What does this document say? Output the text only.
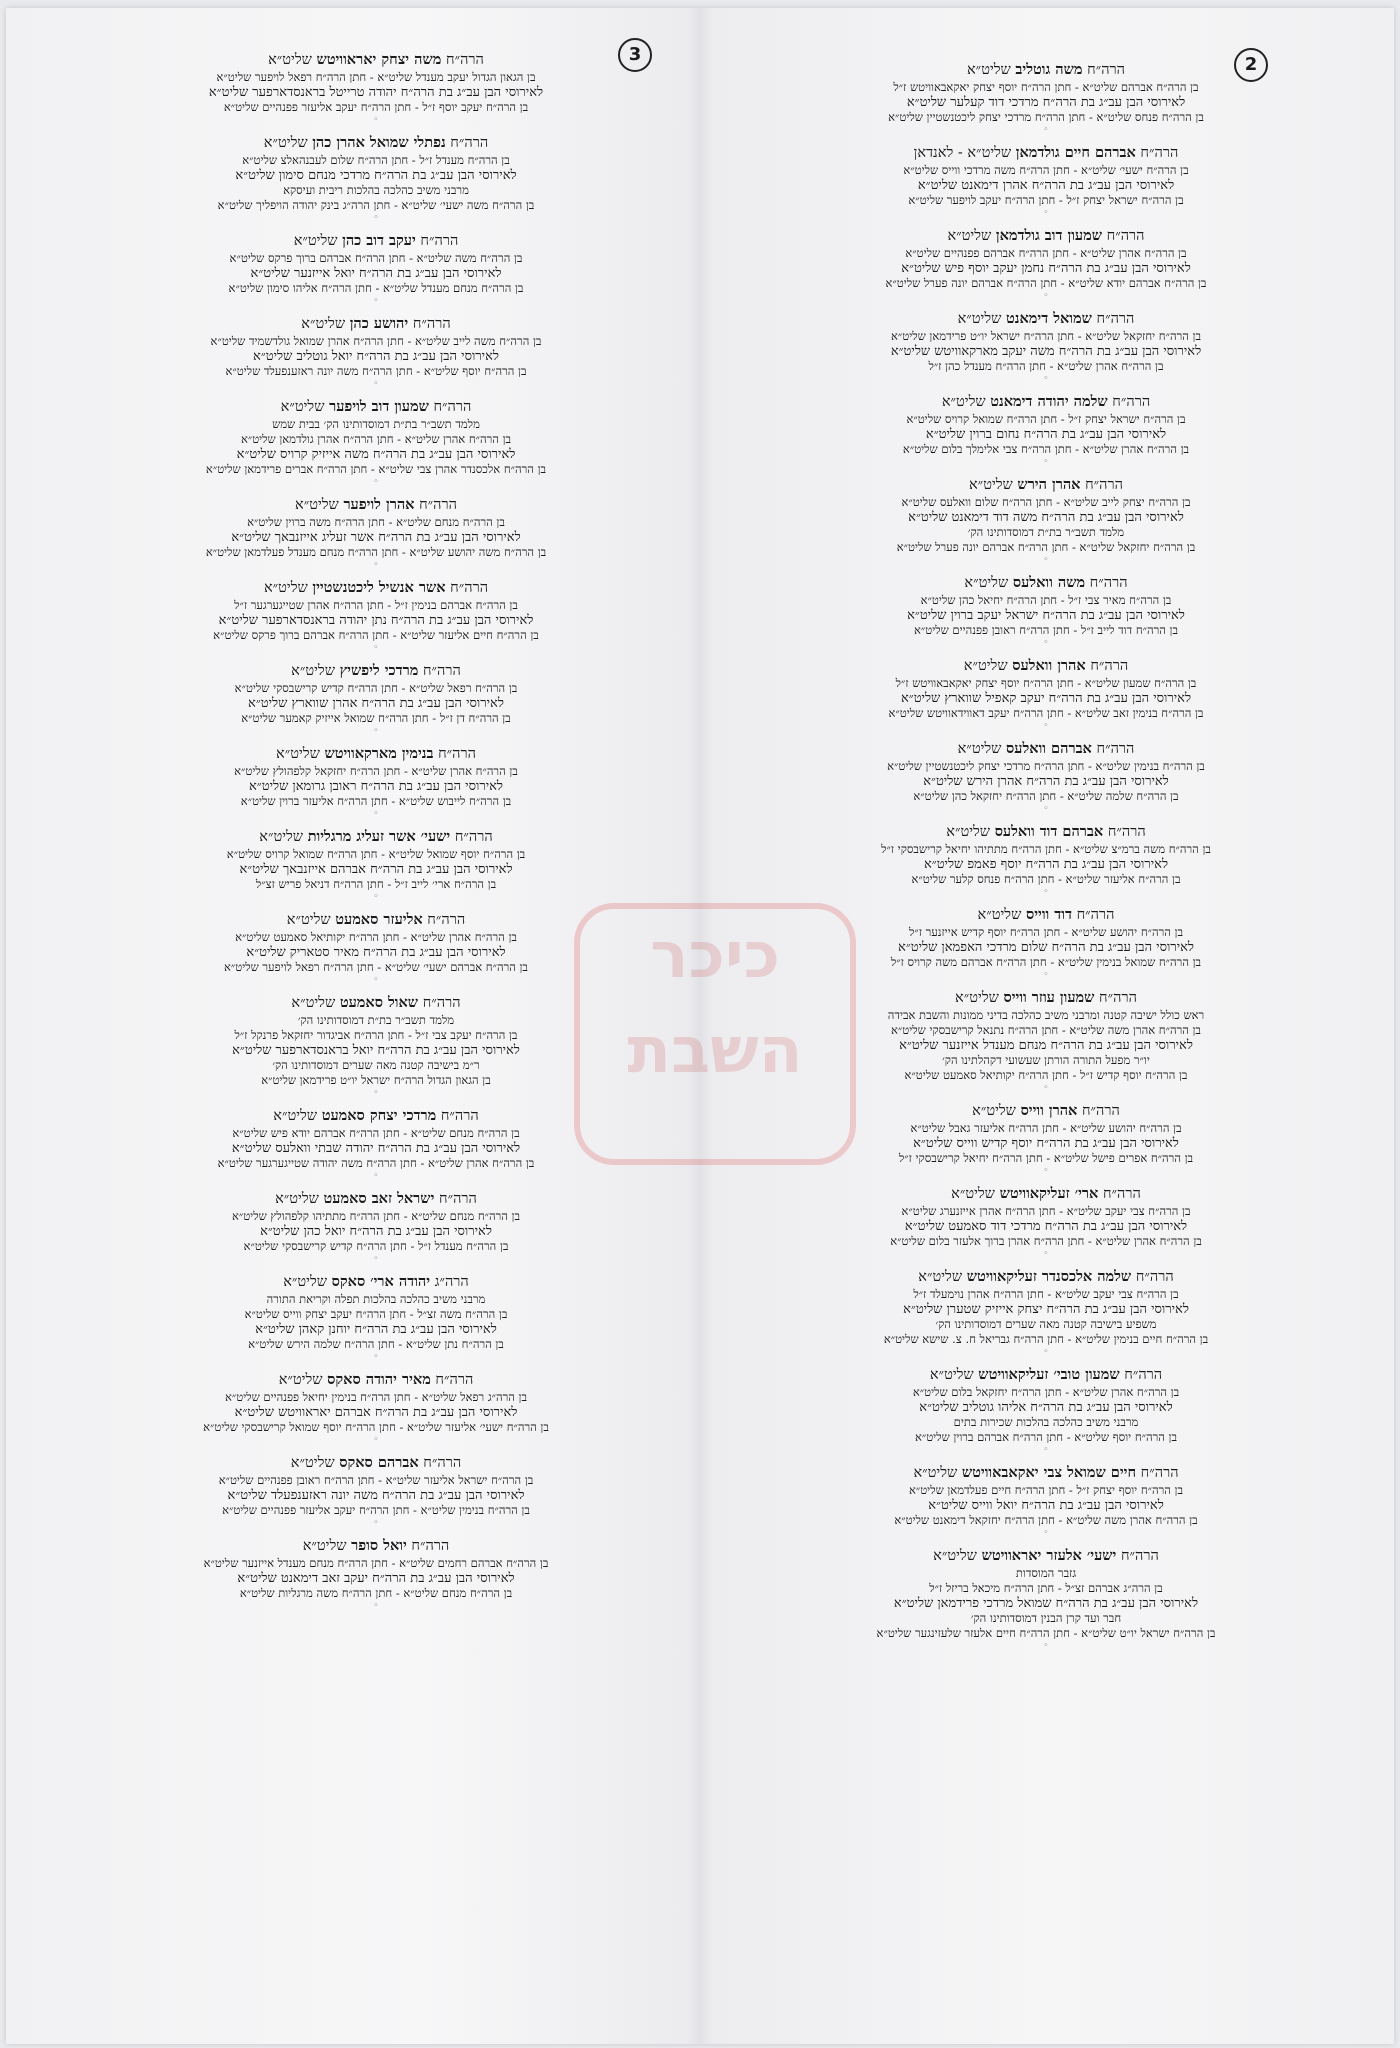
3	2
הרה״ח משה יצחק יאראוויטש שליט״א
בן הגאון הגדול יעקב מענדל שליט״א - חתן הרה״ח רפאל לויפער שליט״א
לאירוסי הבן עב״ג בת הרה״ח יהודה טרייטל בראנסדארפער שליט״א
בן הרה״ח יעקב יוסף ז״ל - חתן הרה״ח יעקב אליעזר פפנהיים שליט״א
◦
הרה״ח נפתלי שמואל אהרן כהן שליט״א
בן הרה״ח מענדל ז״ל - חתן הרה״ח שלום לעבנהאלצ שליט״א
לאירוסי הבן עב״ג בת הרה״ח מרדכי מנחם סימון שליט״א
מרבני משיב כהלכה בהלכות ריבית ועיסקא
בן הרה״ח משה ישעי׳ שליט״א - חתן הרה״ג בינק יהודה הויפליך שליט״א
◦
הרה״ח יעקב דוב כהן שליט״א
בן הרה״ח משה שליט״א - חתן הרה״ח אברהם ברוך פרקס שליט״א
לאירוסי הבן עב״ג בת הרה״ח יואל אייזנער שליט״א
בן הרה״ח מנחם מענדל שליט״א - חתן הרה״ח אליהו סימון שליט״א
◦
הרה״ח יהושע כהן שליט״א
בן הרה״ח משה לייב שליט״א - חתן הרה״ח אהרן שמואל גולדשמיד שליט״א
לאירוסי הבן עב״ג בת הרה״ח יואל גוטליב שליט״א
בן הרה״ח יוסף שליט״א - חתן הרה״ח משה יונה ראזענפעלד שליט״א
◦
הרה״ח שמעון דוב לויפער שליט״א
מלמד תשב״ר בת״ת דמוסדותינו הק׳ בבית שמש
בן הרה״ח אהרן שליט״א - חתן הרה״ח אהרן גולדמאן שליט״א
לאירוסי הבן עב״ג בת הרה״ח משה אייזיק קרויס שליט״א
בן הרה״ח אלכסנדר אהרן צבי שליט״א - חתן הרה״ח אברים פרידמאן שליט״א
◦
הרה״ח אהרן לויפער שליט״א
בן הרה״ח מנחם שליט״א - חתן הרה״ח משה ברוין שליט״א
לאירוסי הבן עב״ג בת הרה״ח אשר זעליג אייזנבאך שליט״א
בן הרה״ח משה יהושע שליט״א - חתן הרה״ח מנחם מענדל פעלדמאן שליט״א
◦
הרה״ח אשר אנשיל ליכטנשטיין שליט״א
בן הרה״ח אברהם בנימין ז״ל - חתן הרה״ח אהרן שטייגערגער ז״ל
לאירוסי הבן עב״ג בת הרה״ח נתן יהודה בראנסדארפער שליט״א
בן הרה״ח חיים אליעזר שליט״א - חתן הרה״ח אברהם ברוך פרקס שליט״א
◦
הרה״ח מרדכי ליפשיץ שליט״א
בן הרה״ח רפאל שליט״א - חתן הרה״ח קדיש קרישבסקי שליט״א
לאירוסי הבן עב״ג בת הרה״ח אהרן שווארץ שליט״א
בן הרה״ח דן ז״ל - חתן הרה״ח שמואל אייזיק קאמער שליט״א
◦
הרה״ח בנימין מארקאוויטש שליט״א
בן הרה״ח אהרן שליט״א - חתן הרה״ח יחזקאל קלפהולץ שליט״א
לאירוסי הבן עב״ג בת הרה״ח ראובן גרומאן שליט״א
בן הרה״ח לייבוש שליט״א - חתן הרה״ח אליעזר ברוין שליט״א
◦
הרה״ח ישעי׳ אשר זעליג מרגליות שליט״א
בן הרה״ח יוסף שמואל שליט״א - חתן הרה״ח שמואל קרויס שליט״א
לאירוסי הבן עב״ג בת הרה״ח אברהם אייזנבאך שליט״א
בן הרה״ח ארי׳ לייב ז״ל - חתן הרה״ח דניאל פריש זצ״ל
◦
הרה״ח אליעזר סאמעט שליט״א
בן הרה״ח אהרן שליט״א - חתן הרה״ח יקותיאל סאמעט שליט״א
לאירוסי הבן עב״ג בת הרה״ח מאיר סטאריק שליט״א
בן הרה״ח אברהם ישעי׳ שליט״א - חתן הרה״ח רפאל לויפער שליט״א
◦
הרה״ח שאול סאמעט שליט״א
מלמד תשב״ר בת״ת דמוסדותינו הק׳
בן הרה״ח יעקב צבי ז״ל - חתן הרה״ח אביגדור יחזקאל פרנקל ז״ל
לאירוסי הבן עב״ג בת הרה״ח יואל בראנסדארפער שליט״א
ר״מ בישיבה קטנה מאה שערים דמוסדותינו הק׳
בן הגאון הגדול הרה״ח ישראל יו״ט פרידמאן שליט״א
◦
הרה״ח מרדכי יצחק סאמעט שליט״א
בן הרה״ח מנחם שליט״א - חתן הרה״ח אברהם יודא פיש שליט״א
לאירוסי הבן עב״ג בת הרה״ח יהודה שבתי וואלעס שליט״א
בן הרה״ח אהרן שליט״א - חתן הרה״ח משה יהודה שטייגערגער שליט״א
◦
הרה״ח ישראל זאב סאמעט שליט״א
בן הרה״ח מנחם שליט״א - חתן הרה״ח מתתיהו קלפהולץ שליט״א
לאירוסי הבן עב״ג בת הרה״ח יואל כהן שליט״א
בן הרה״ח מענדל ז״ל - חתן הרה״ח קדיש קרישבסקי שליט״א
◦
הרה״ג יהודה ארי׳ סאקס שליט״א
מרבני משיב כהלכה בהלכות תפלה וקריאת התורה
בן הרה״ח משה זצ״ל - חתן הרה״ח יעקב יצחק ווייס שליט״א
לאירוסי הבן עב״ג בת הרה״ח יוחנן קאהן שליט״א
בן הרה״ח נתן שליט״א - חתן הרה״ח שלמה הירש שליט״א
◦
הרה״ח מאיר יהודה סאקס שליט״א
בן הרה״ג רפאל שליט״א - חתן הרה״ח בנימין יחיאל פפנהיים שליט״א
לאירוסי הבן עב״ג בת הרה״ח אברהם יאראוויטש שליט״א
בן הרה״ח ישעי׳ אליעזר שליט״א - חתן הרה״ח יוסף שמואל קרישבסקי שליט״א
◦
הרה״ח אברהם סאקס שליט״א
בן הרה״ח ישראל אליעזר שליט״א - חתן הרה״ח ראובן פפנהיים שליט״א
לאירוסי הבן עב״ג בת הרה״ח משה יונה ראזענפעלד שליט״א
בן הרה״ח בנימין שליט״א - חתן הרה״ח יעקב אליעזר פפנהיים שליט״א
◦
הרה״ח יואל סופר שליט״א
בן הרה״ח אברהם רחמים שליט״א - חתן הרה״ח מנחם מענדל אייזנער שליט״א
לאירוסי הבן עב״ג בת הרה״ח יעקב זאב דימאנט שליט״א
בן הרה״ח מנחם שליט״א - חתן הרה״ח משה מרגליות שליט״א
◦
הרה״ח משה גוטליב שליט״א
בן הרה״ח אברהם שליט״א - חתן הרה״ח יוסף יצחק יאקאבאוויטש ז״ל
לאירוסי הבן עב״ג בת הרה״ח מרדכי דוד קעלער שליט״א
בן הרה״ח פנחס שליט״א - חתן הרה״ח מרדכי יצחק ליכטנשטיין שליט״א
◦
הרה״ח אברהם חיים גולדמאן שליט״א - לאנדאן
בן הרה״ח ישעי׳ שליט״א - חתן הרה״ח משה מרדכי ווייס שליט״א
לאירוסי הבן עב״ג בת הרה״ח אהרן דימאנט שליט״א
בן הרה״ח ישראל יצחק ז״ל - חתן הרה״ח יעקב לויפער שליט״א
◦
הרה״ח שמעון דוב גולדמאן שליט״א
בן הרה״ח אהרן שליט״א - חתן הרה״ח אברהם פפנהיים שליט״א
לאירוסי הבן עב״ג בת הרה״ח נחמן יעקב יוסף פיש שליט״א
בן הרה״ח אברהם יודא שליט״א - חתן הרה״ח אברהם יונה פערל שליט״א
◦
הרה״ח שמואל דימאנט שליט״א
בן הרה״ח יחזקאל שליט״א - חתן הרה״ח ישראל יו״ט פרידמאן שליט״א
לאירוסי הבן עב״ג בת הרה״ח משה יעקב מארקאוויטש שליט״א
בן הרה״ח אהרן שליט״א - חתן הרה״ח מענדל כהן ז״ל
◦
הרה״ח שלמה יהודה דימאנט שליט״א
בן הרה״ח ישראל יצחק ז״ל - חתן הרה״ח שמואל קרויס שליט״א
לאירוסי הבן עב״ג בת הרה״ח נחום ברוין שליט״א
בן הרה״ח אהרן שליט״א - חתן הרה״ח צבי אלימלך בלום שליט״א
◦
הרה״ח אהרן הירש שליט״א
בן הרה״ח יצחק לייב שליט״א - חתן הרה״ח שלום וואלעס שליט״א
לאירוסי הבן עב״ג בת הרה״ח משה דוד דימאנט שליט״א
מלמד תשב״ר בת״ת דמוסדותינו הק׳
בן הרה״ח יחזקאל שליט״א - חתן הרה״ח אברהם יונה פערל שליט״א
◦
הרה״ח משה וואלעס שליט״א
בן הרה״ח מאיר צבי ז״ל - חתן הרה״ח יחיאל כהן שליט״א
לאירוסי הבן עב״ג בת הרה״ח ישראל יעקב ברוין שליט״א
בן הרה״ח דוד לייב ז״ל - חתן הרה״ח ראובן פפנהיים שליט״א
◦
הרה״ח אהרן וואלעס שליט״א
בן הרה״ח שמעון שליט״א - חתן הרה״ח יוסף יצחק יאקאבאוויטש ז״ל
לאירוסי הבן עב״ג בת הרה״ח יעקב קאפיל שווארץ שליט״א
בן הרה״ח בנימין זאב שליט״א - חתן הרה״ח יעקב דאווידאוויטש שליט״א
◦
הרה״ח אברהם וואלעס שליט״א
בן הרה״ח בנימין שליט״א - חתן הרה״ח מרדכי יצחק ליכטנשטיין שליט״א
לאירוסי הבן עב״ג בת הרה״ח אהרן הירש שליט״א
בן הרה״ח שלמה שליט״א - חתן הרה״ח יחזקאל כהן שליט״א
◦
הרה״ח אברהם דוד וואלעס שליט״א
בן הרה״ח משה ברמ״צ שליט״א - חתן הרה״ח מתתיהו יחיאל קרישבסקי ז״ל
לאירוסי הבן עב״ג בת הרה״ח יוסף פאמפ שליט״א
בן הרה״ח אליעזר שליט״א - חתן הרה״ח פנחס קלער שליט״א
◦
הרה״ח דוד ווייס שליט״א
בן הרה״ח יהושע שליט״א - חתן הרה״ח יוסף קדיש אייזנער ז״ל
לאירוסי הבן עב״ג בת הרה״ח שלום מרדכי האפמאן שליט״א
בן הרה״ח שמואל בנימין שליט״א - חתן הרה״ח אברהם משה קרויס ז״ל
◦
הרה״ח שמעון עוזר ווייס שליט״א
ראש כולל ישיבה קטנה ומרבני משיב כהלכה בדיני ממונות והשבת אבידה
בן הרה״ח אהרן משה שליט״א - חתן הרה״ח נתנאל קרישבסקי שליט״א
לאירוסי הבן עב״ג בת הרה״ח מנחם מענדל אייזנער שליט״א
יו״ר מפעל התורה הורתן שעשועי דקהלתינו הק׳
בן הרה״ח יוסף קדיש ז״ל - חתן הרה״ח יקותיאל סאמעט שליט״א
◦
הרה״ח אהרן ווייס שליט״א
בן הרה״ח יהושע שליט״א - חתן הרה״ח אליעזר גאבל שליט״א
לאירוסי הבן עב״ג בת הרה״ח יוסף קדיש ווייס שליט״א
בן הרה״ח אפרים פישל שליט״א - חתן הרה״ח יחיאל קרישבסקי ז״ל
◦
הרה״ח ארי׳ זעליקאוויטש שליט״א
בן הרה״ח צבי יעקב שליט״א - חתן הרה״ח אהרן אייזנערג שליט״א
לאירוסי הבן עב״ג בת הרה״ח מרדכי דוד סאמעט שליט״א
בן הרה״ח אהרן שליט״א - חתן הרה״ח אהרן ברוך אלעזר בלום שליט״א
◦
הרה״ח שלמה אלכסנדר זעליקאוויטש שליט״א
בן הרה״ח צבי יעקב שליט״א - חתן הרה״ח אהרן נוימעלד ז״ל
לאירוסי הבן עב״ג בת הרה״ח יצחק אייזיק שטערן שליט״א
משפיע בישיבה קטנה מאה שערים דמוסדותינו הק׳
בן הרה״ח חיים בנימין שליט״א - חתן הרה״ח גבריאל ח. צ. שישא שליט״א
◦
הרה״ח שמעון טובי׳ זעליקאוויטש שליט״א
בן הרה״ח אהרן שליט״א - חתן הרה״ח יחזקאל בלום שליט״א
לאירוסי הבן עב״ג בת הרה״ח אליהו גוטליב שליט״א
מרבני משיב כהלכה בהלכות שכירות בתים
בן הרה״ח יוסף שליט״א - חתן הרה״ח אברהם ברוין שליט״א
◦
הרה״ח חיים שמואל צבי יאקאבאוויטש שליט״א
בן הרה״ח יוסף יצחק ז״ל - חתן הרה״ח חיים פעלדמאן שליט״א
לאירוסי הבן עב״ג בת הרה״ח יואל ווייס שליט״א
בן הרה״ח אהרן משה שליט״א - חתן הרה״ח יחזקאל דימאנט שליט״א
◦
הרה״ח ישעי׳ אלעזר יאראוויטש שליט״א
גזבר המוסדות
בן הרה״ג אברהם זצ״ל - חתן הרה״ח מיכאל בריזל ז״ל
לאירוסי הבן עב״ג בת הרה״ח שמואל מרדכי פרידמאן שליט״א
חבר ועד קרן הבנין דמוסדותינו הק׳
בן הרה״ח ישראל יו״ט שליט״א - חתן הרה״ח חיים אלעזר שלעזינגער שליט״א
◦
כיכר השבת
